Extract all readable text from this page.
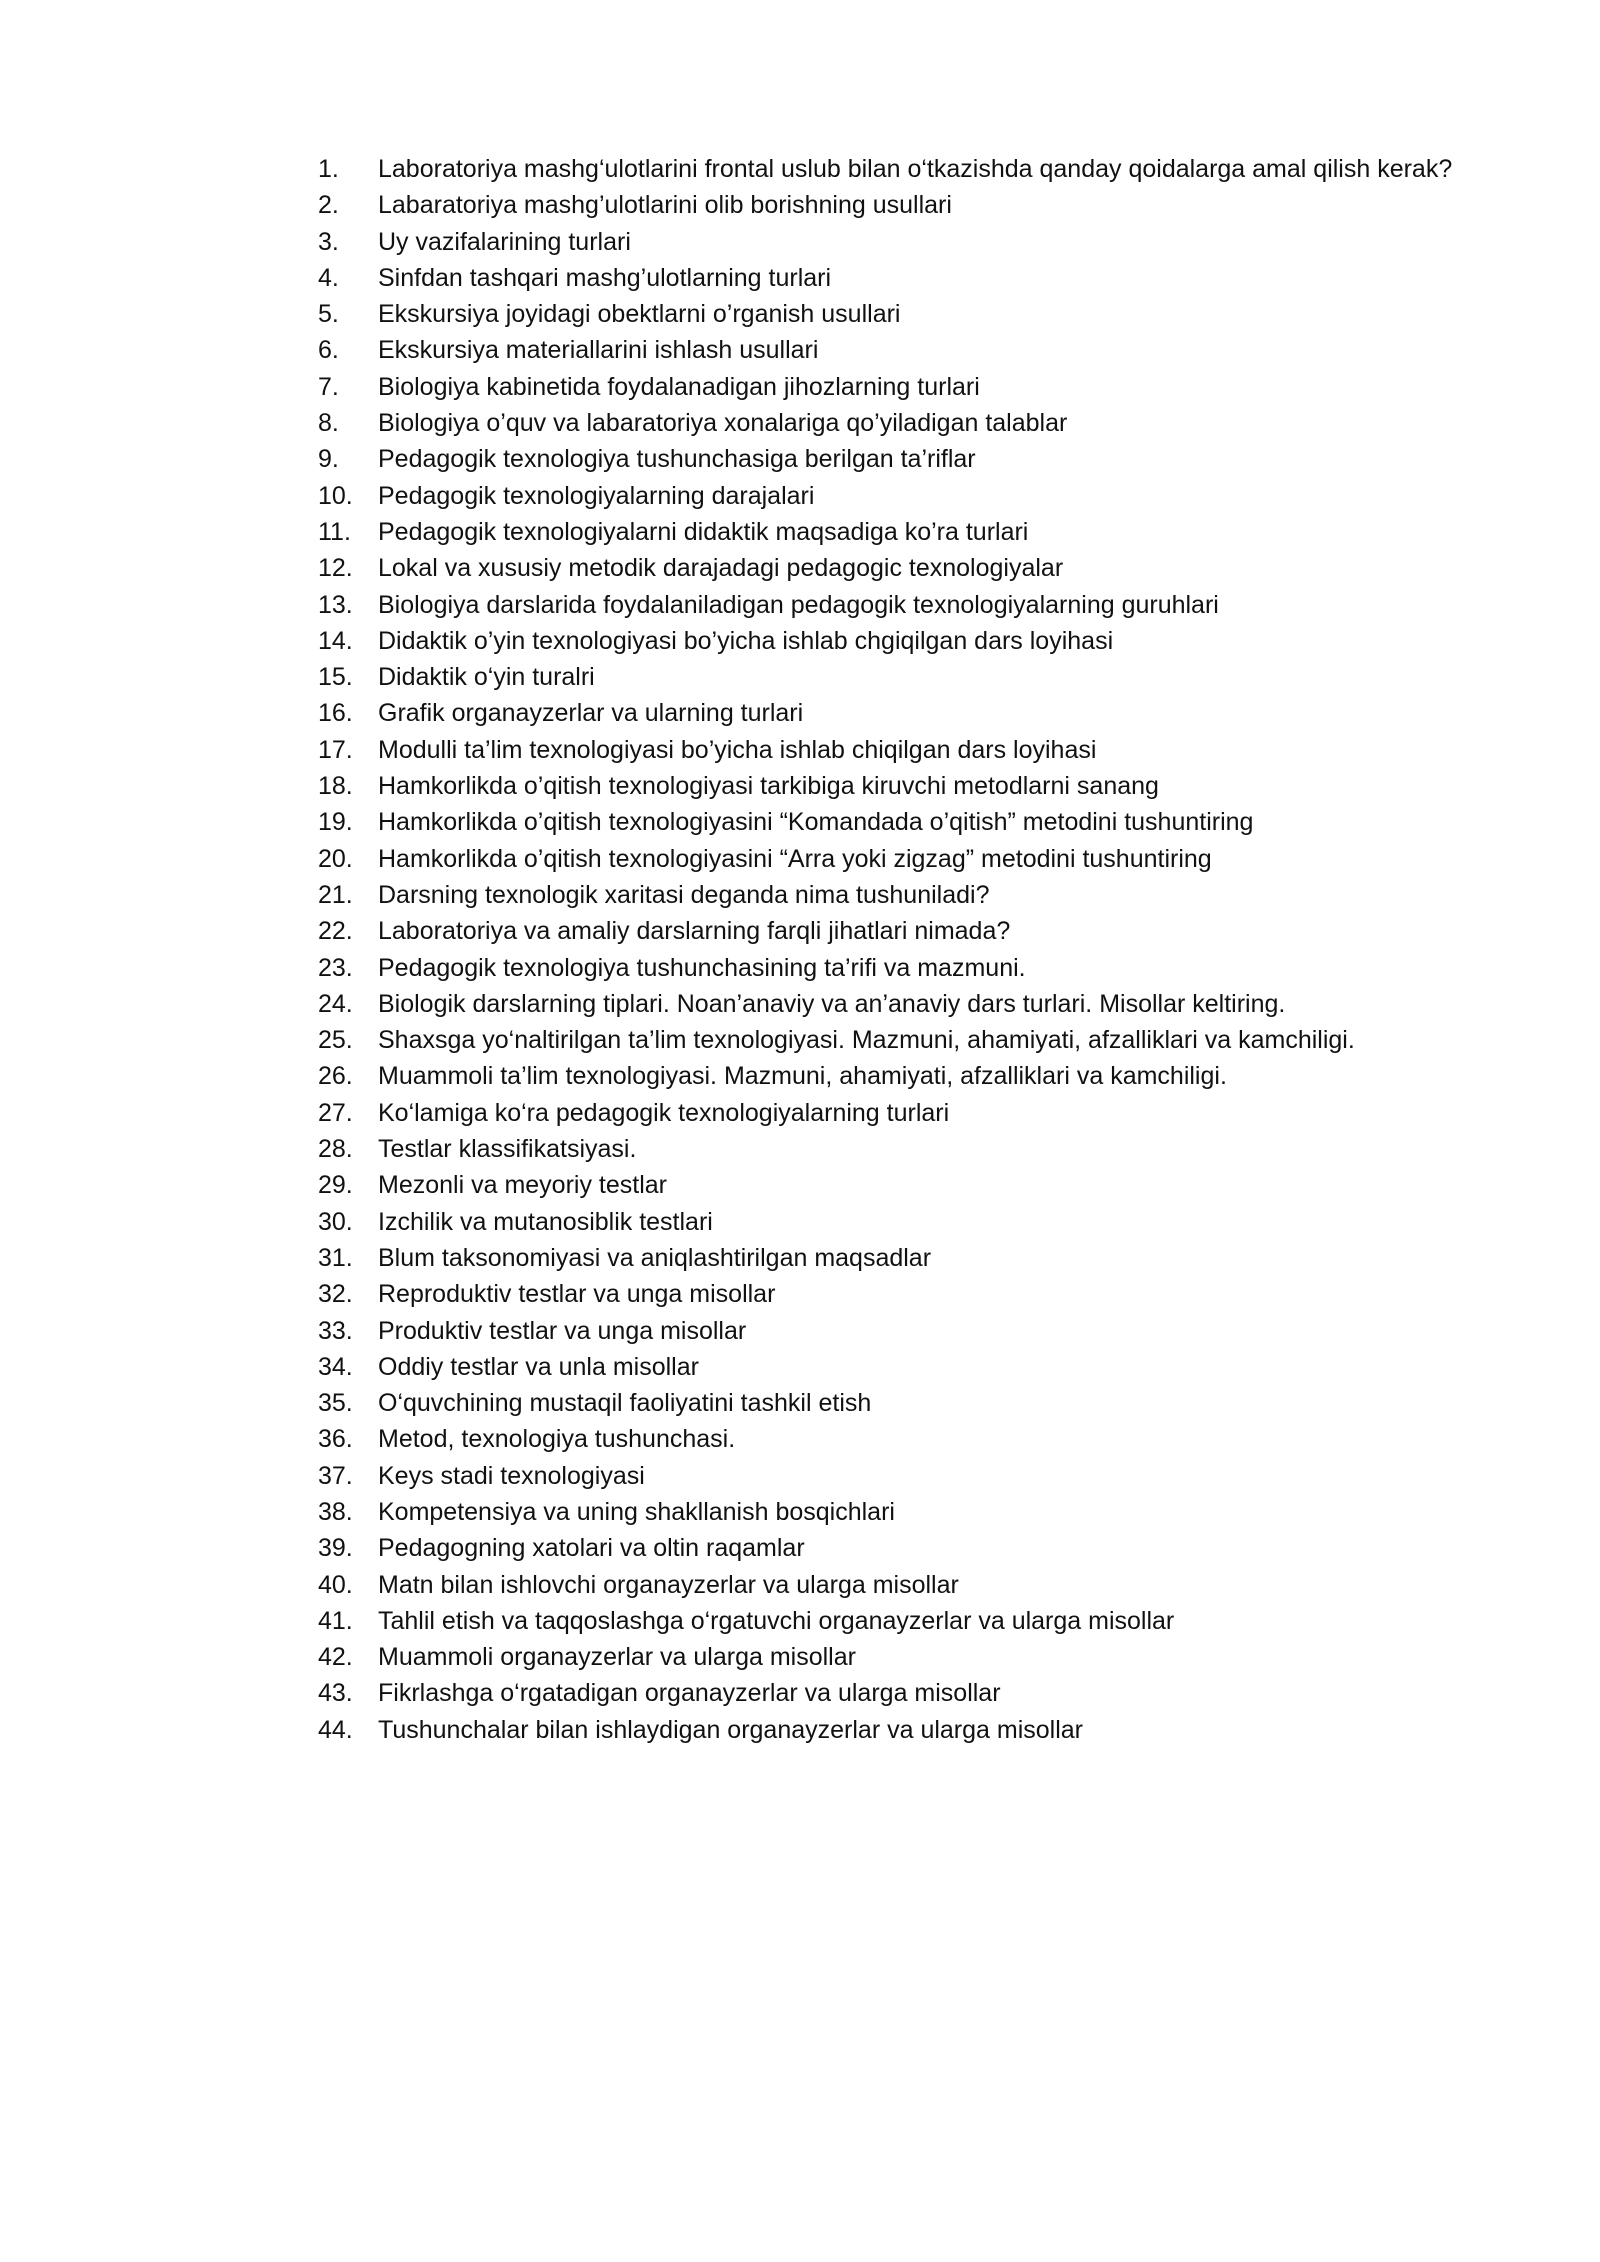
1.	Laboratoriya mashg‘ulotlarini frontal uslub bilan o‘tkazishda qanday qoidalarga amal qilish kerak?
2.	Labaratoriya mashg’ulotlarini olib borishning usullari
3.	Uy vazifalarining turlari
4.	Sinfdan tashqari mashg’ulotlarning turlari
5.	Ekskursiya joyidagi obektlarni o’rganish usullari
6.	Ekskursiya materiallarini ishlash usullari
7.	Biologiya kabinetida foydalanadigan jihozlarning turlari
8.	Biologiya o’quv va labaratoriya xonalariga qo’yiladigan talablar
9.	Pedagogik texnologiya tushunchasiga berilgan ta’riflar
10.	Pedagogik texnologiyalarning darajalari
11.	Pedagogik texnologiyalarni didaktik maqsadiga ko’ra turlari
12.	Lokal va xususiy metodik darajadagi pedagogic texnologiyalar
13.	Biologiya darslarida foydalaniladigan pedagogik texnologiyalarning guruhlari
14.	Didaktik o’yin texnologiyasi bo’yicha ishlab chgiqilgan dars loyihasi
15.	Didaktik o‘yin turalri
16.	Grafik organayzerlar va ularning turlari
17.	Modulli ta’lim texnologiyasi bo’yicha ishlab chiqilgan dars loyihasi
18.	Hamkorlikda o’qitish texnologiyasi tarkibiga kiruvchi metodlarni sanang
19.	Hamkorlikda o’qitish texnologiyasini “Komandada o’qitish” metodini tushuntiring
20.	Hamkorlikda o’qitish texnologiyasini “Arra yoki zigzag” metodini tushuntiring
21.	Darsning texnologik xaritasi deganda nima tushuniladi?
22.	Laboratoriya va amaliy darslarning farqli jihatlari nimada?
23.	Pedagogik texnologiya tushunchasining ta’rifi va mazmuni.
24.	Biologik darslarning tiplari. Noan’anaviy va an’anaviy dars turlari. Misollar keltiring.
25.	Shaxsga yo‘naltirilgan ta’lim texnologiyasi. Mazmuni, ahamiyati, afzalliklari va kamchiligi.
26.	Muammoli ta’lim texnologiyasi. Mazmuni, ahamiyati, afzalliklari va kamchiligi.
27.	Ko‘lamiga ko‘ra pedagogik texnologiyalarning turlari
28.	Testlar klassifikatsiyasi.
29.	Mezonli va meyoriy testlar
30.	Izchilik va mutanosiblik testlari
31.	Blum taksonomiyasi va aniqlashtirilgan maqsadlar
32.	Reproduktiv testlar va unga misollar
33.	Produktiv testlar va unga misollar
34.	Oddiy testlar va unla misollar
35.	O‘quvchining mustaqil faoliyatini tashkil etish
36.	Metod, texnologiya tushunchasi.
37.	Keys stadi texnologiyasi
38.	Kompetensiya va uning shakllanish bosqichlari
39.	Pedagogning xatolari va oltin raqamlar
40.	Matn bilan ishlovchi organayzerlar va ularga misollar
41.	Tahlil etish va taqqoslashga o‘rgatuvchi organayzerlar va ularga misollar
42.	Muammoli organayzerlar va ularga misollar
43.	Fikrlashga o‘rgatadigan organayzerlar va ularga misollar
44.	Tushunchalar bilan ishlaydigan organayzerlar va ularga misollar
